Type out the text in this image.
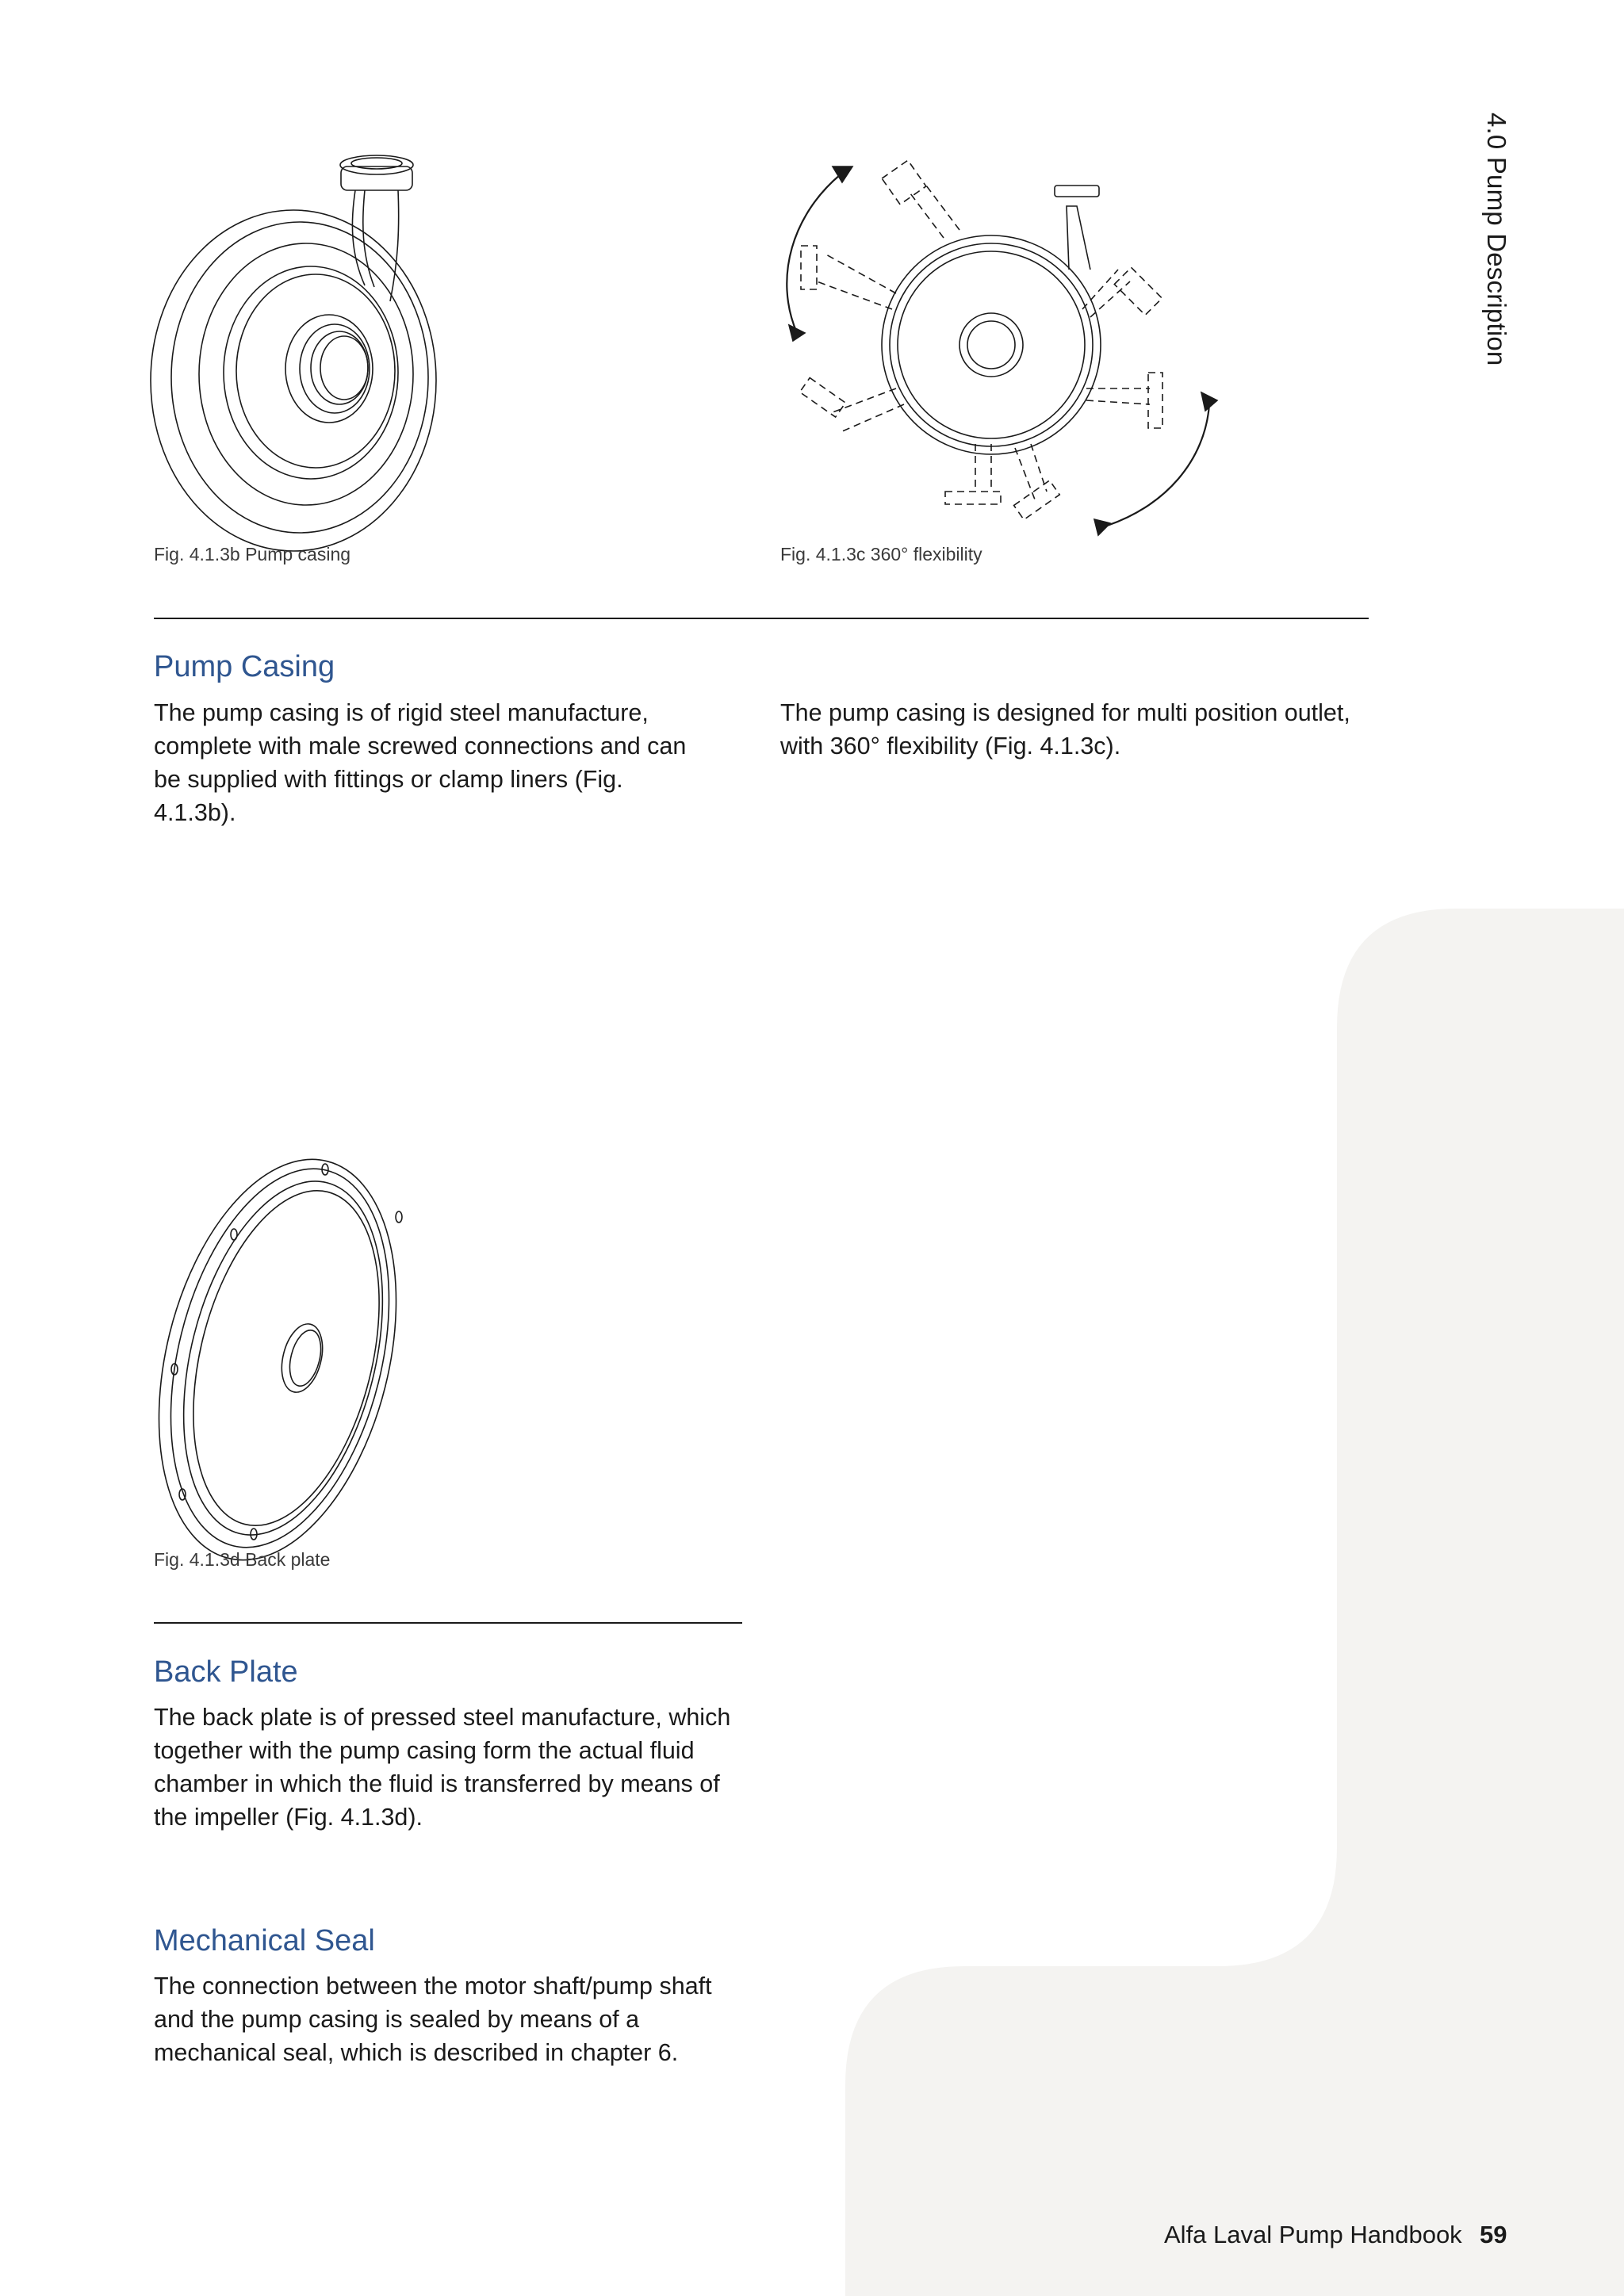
4.0 Pump Description
Fig. 4.1.3b Pump casing	Fig. 4.1.3c 360° flexibility
Pump Casing

The pump casing is of rigid steel manufacture, complete with male screwed connections and can be supplied with fittings or clamp liners (Fig. 4.1.3b).

The pump casing is designed for multi position outlet, with 360° flexibility (Fig. 4.1.3c).

Fig. 4.1.3d Back plate
Back Plate

The back plate is of pressed steel manufacture, which together with the pump casing form the actual fluid chamber in which the fluid is transferred by means of the impeller (Fig. 4.1.3d).

Mechanical Seal

The connection between the motor shaft/pump shaft and the pump casing is sealed by means of a mechanical seal, which is described in chapter 6.

Alfa Laval Pump Handbook 59
